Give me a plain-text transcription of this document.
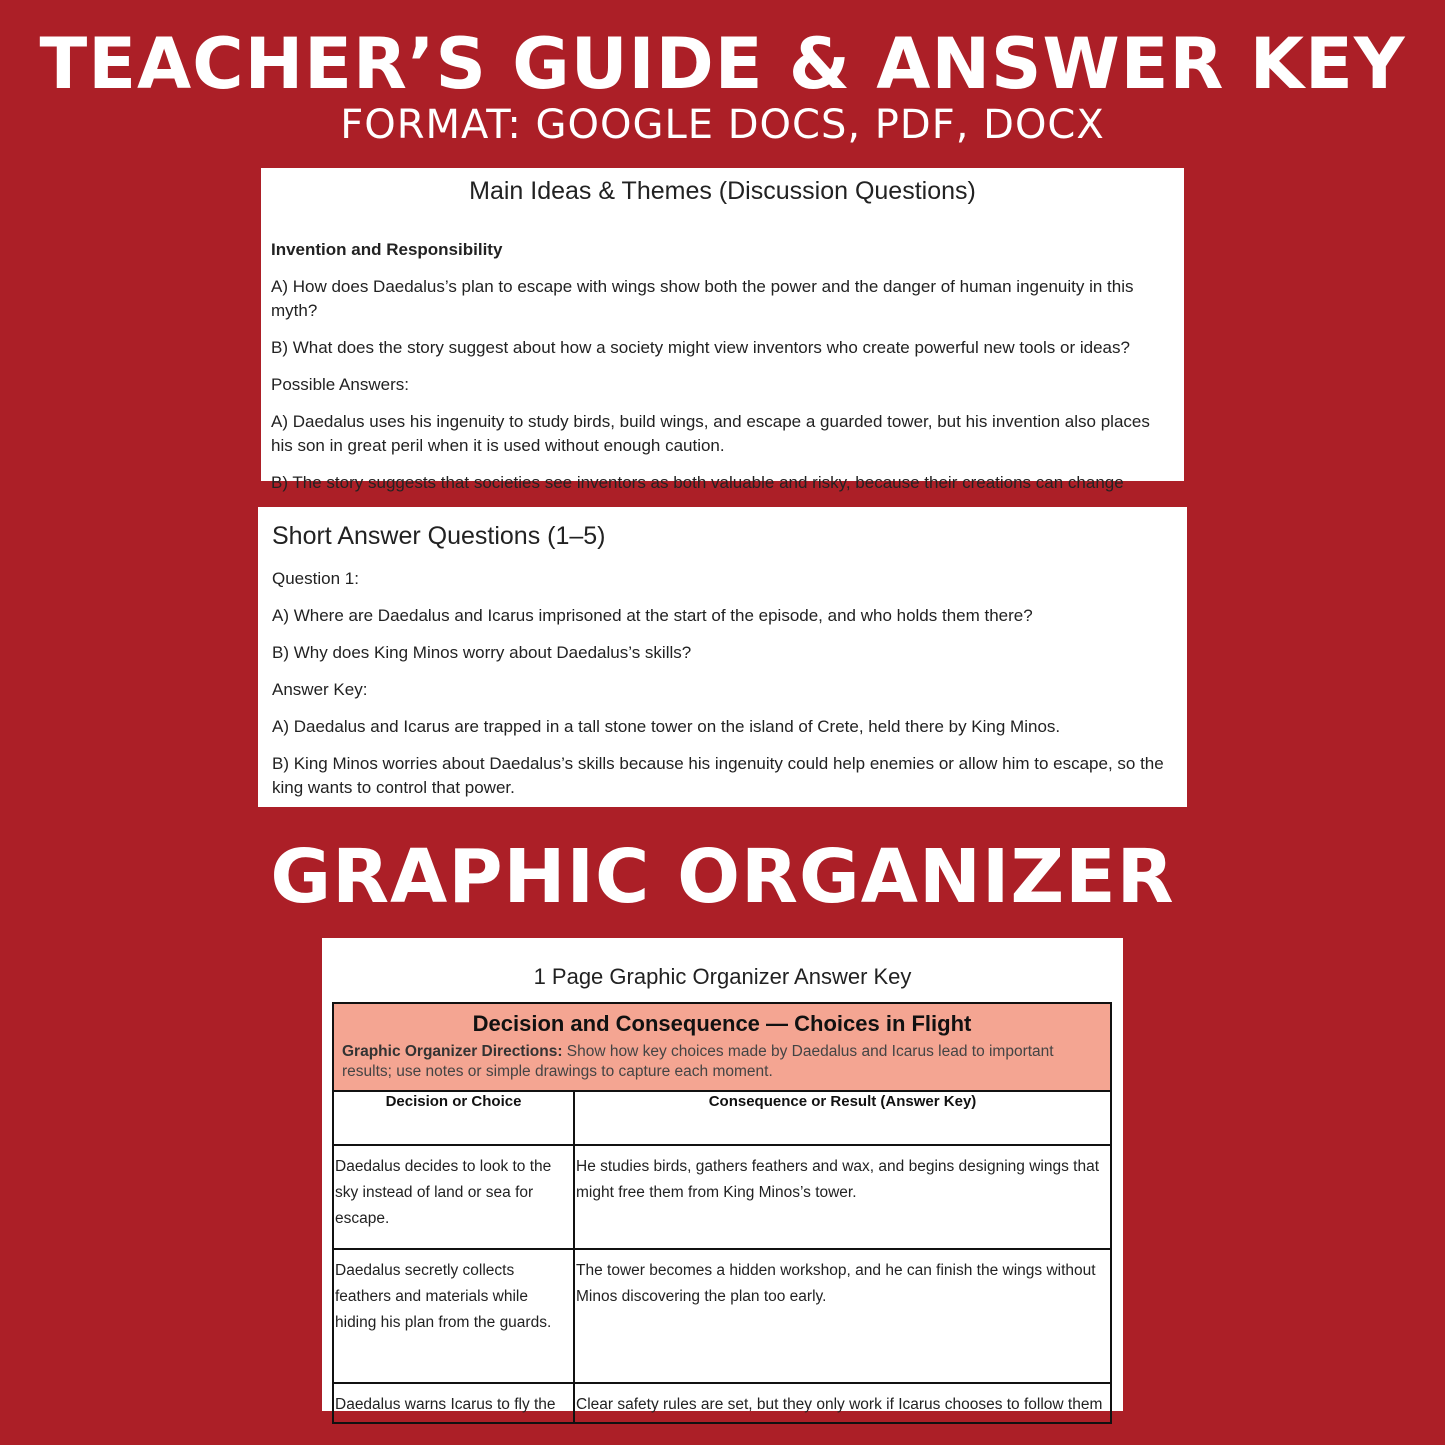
TEACHER’S GUIDE & ANSWER KEY
FORMAT: GOOGLE DOCS, PDF, DOCX
Main Ideas & Themes (Discussion Questions)

Invention and Responsibility

A) How does Daedalus’s plan to escape with wings show both the power and the danger of human ingenuity in this myth?

B) What does the story suggest about how a society might view inventors who create powerful new tools or ideas?

Possible Answers:

A) Daedalus uses his ingenuity to study birds, build wings, and escape a guarded tower, but his invention also places his son in great peril when it is used without enough caution.

B) The story suggests that societies see inventors as both valuable and risky, because their creations can change

Short Answer Questions (1–5)

Question 1:

A) Where are Daedalus and Icarus imprisoned at the start of the episode, and who holds them there?

B) Why does King Minos worry about Daedalus’s skills?

Answer Key:

A) Daedalus and Icarus are trapped in a tall stone tower on the island of Crete, held there by King Minos.

B) King Minos worries about Daedalus’s skills because his ingenuity could help enemies or allow him to escape, so the king wants to control that power.

GRAPHIC ORGANIZER
1 Page Graphic Organizer Answer Key
Decision and Consequence — Choices in Flight
Graphic Organizer Directions: Show how key choices made by Daedalus and Icarus lead to important results; use notes or simple drawings to capture each moment.	

Decision or Choice	Consequence or Result (Answer Key)
Daedalus decides to look to the sky instead of land or sea for escape.	He studies birds, gathers feathers and wax, and begins designing wings that might free them from King Minos’s tower.
Daedalus secretly collects feathers and materials while hiding his plan from the guards.	The tower becomes a hidden workshop, and he can finish the wings without Minos discovering the plan too early.
Daedalus warns Icarus to fly the	Clear safety rules are set, but they only work if Icarus chooses to follow them
